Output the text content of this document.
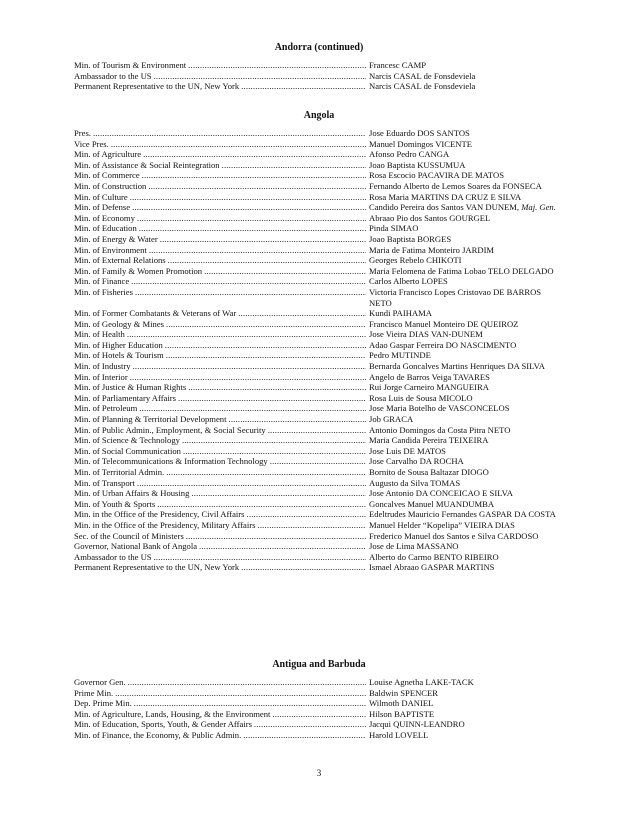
Andorra (continued)
Min. of Tourism & Environment .....	Francesc CAMP
Ambassador to the US .....	Narcis CASAL de Fonsdeviela
Permanent Representative to the UN, New York .....	Narcis CASAL de Fonsdeviela
Angola
Pres. .....	Jose Eduardo DOS SANTOS
Vice Pres. .....	Manuel Domingos VICENTE
Min. of Agriculture .....	Afonso Pedro CANGA
Min. of Assistance & Social Reintegration .....	Joao Baptista KUSSUMUA
Min. of Commerce .....	Rosa Escocio PACAVIRA DE MATOS
Min. of Construction .....	Fernando Alberto de Lemos Soares da FONSECA
Min. of Culture .....	Rosa Maria MARTINS DA CRUZ E SILVA
Min. of Defense .....	Candido Pereira dos Santos VAN DUNEM, Maj. Gen.
Min. of Economy .....	Abraao Pio dos Santos GOURGEL
Min. of Education .....	Pinda SIMAO
Min. of Energy & Water .....	Joao Baptista BORGES
Min. of Environment .....	Maria de Fatima Monteiro JARDIM
Min. of External Relations .....	Georges Rebelo CHIKOTI
Min. of Family & Women Promotion .....	Maria Felomena de Fatima Lobao TELO DELGADO
Min. of Finance .....	Carlos Alberto LOPES
Min. of Fisheries .....	Victoria Francisco Lopes Cristovao DE BARROS NETO
Min. of Former Combatants & Veterans of War .....	Kundi PAIHAMA
Min. of Geology & Mines .....	Francisco Manuel Monteiro DE QUEIROZ
Min. of Health .....	Jose Vieira DIAS VAN-DUNEM
Min. of Higher Education .....	Adao Gaspar Ferreira DO NASCIMENTO
Min. of Hotels & Tourism .....	Pedro MUTINDE
Min. of Industry .....	Bernarda Goncalves Martins Henriques DA SILVA
Min. of Interior .....	Angelo de Barros Veiga TAVARES
Min. of Justice & Human Rights .....	Rui Jorge Carneiro MANGUEIRA
Min. of Parliamentary Affairs .....	Rosa Luis de Sousa MICOLO
Min. of Petroleum .....	Jose Maria Botelho de VASCONCELOS
Min. of Planning & Territorial Development .....	Job GRACA
Min. of Public Admin., Employment, & Social Security .....	Antonio Domingos da Costa Pitra NETO
Min. of Science & Technology .....	Maria Candida Pereira TEIXEIRA
Min. of Social Communication .....	Jose Luis DE MATOS
Min. of Telecommunications & Information Technology .....	Jose Carvalho DA ROCHA
Min. of Territorial Admin. .....	Bornito de Sousa Baltazar DIOGO
Min. of Transport .....	Augusto da Silva TOMAS
Min. of Urban Affairs & Housing .....	Jose Antonio DA CONCEICAO E SILVA
Min. of Youth & Sports .....	Goncalves Manuel MUANDUMBA
Min. in the Office of the Presidency, Civil Affairs .....	Edeltrudes Mauricio Fernandes GASPAR DA COSTA
Min. in the Office of the Presidency, Military Affairs .....	Manuel Helder “Kopelipa” VIEIRA DIAS
Sec. of the Council of Ministers .....	Frederico Manuel dos Santos e Silva CARDOSO
Governor, National Bank of Angola .....	Jose de Lima MASSANO
Ambassador to the US .....	Alberto do Carmo BENTO RIBEIRO
Permanent Representative to the UN, New York .....	Ismael Abraao GASPAR MARTINS
Antigua and Barbuda
Governor Gen. .....	Louise Agnetha LAKE-TACK
Prime Min. .....	Baldwin SPENCER
Dep. Prime Min. .....	Wilmoth DANIEL
Min. of Agriculture, Lands, Housing, & the Environment .....	Hilson BAPTISTE
Min. of Education, Sports, Youth, & Gender Affairs .....	Jacqui QUINN-LEANDRO
Min. of Finance, the Economy, & Public Admin. .....	Harold LOVELL
3
